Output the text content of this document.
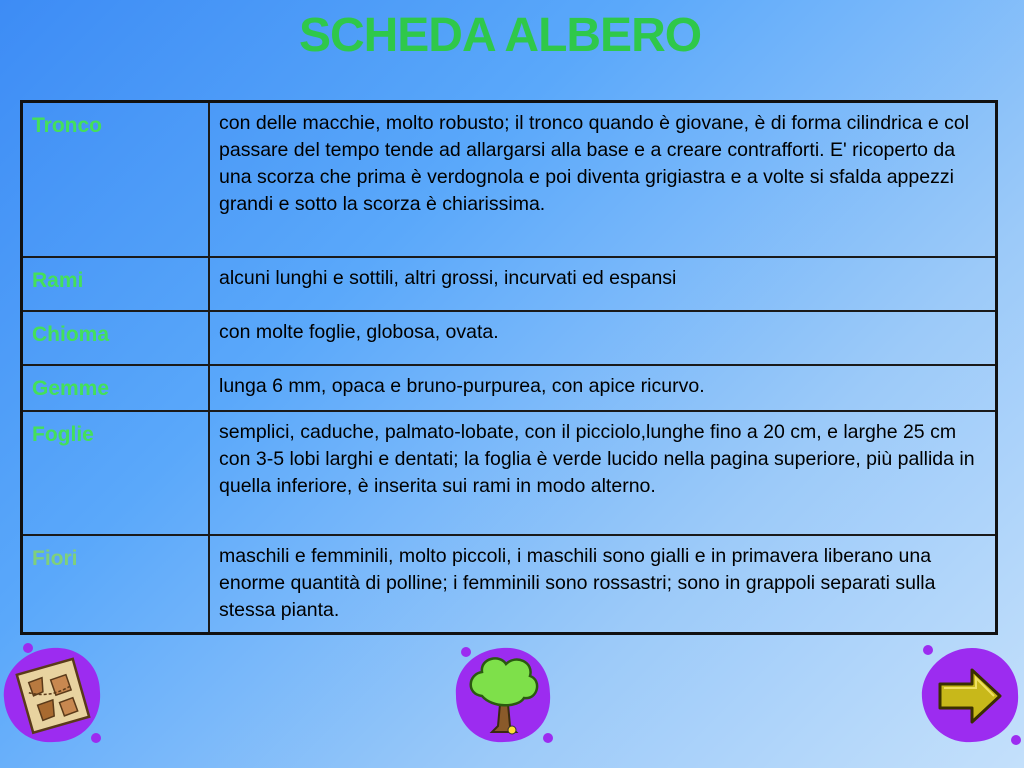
SCHEDA ALBERO
Tronco	con delle macchie, molto robusto; il tronco quando è giovane, è di forma cilindrica e col passare del tempo tende ad allargarsi alla base e a creare contrafforti. E' ricoperto da una scorza che prima è verdognola e poi diventa grigiastra e a volte si sfalda appezzi grandi e sotto la scorza è chiarissima.
Rami	alcuni lunghi e sottili, altri grossi, incurvati ed espansi
Chioma	con molte foglie, globosa, ovata.
Gemme	lunga 6 mm, opaca e bruno-purpurea, con apice ricurvo.
Foglie	semplici, caduche, palmato-lobate, con il picciolo,lunghe fino a 20 cm, e larghe 25 cm con 3-5 lobi larghi e dentati; la foglia è verde lucido nella pagina superiore, più pallida in quella inferiore, è inserita sui rami in modo alterno.
Fiori	maschili e femminili, molto piccoli, i maschili sono gialli e in primavera liberano una enorme quantità di polline; i femminili sono rossastri; sono in grappoli separati sulla stessa pianta.
